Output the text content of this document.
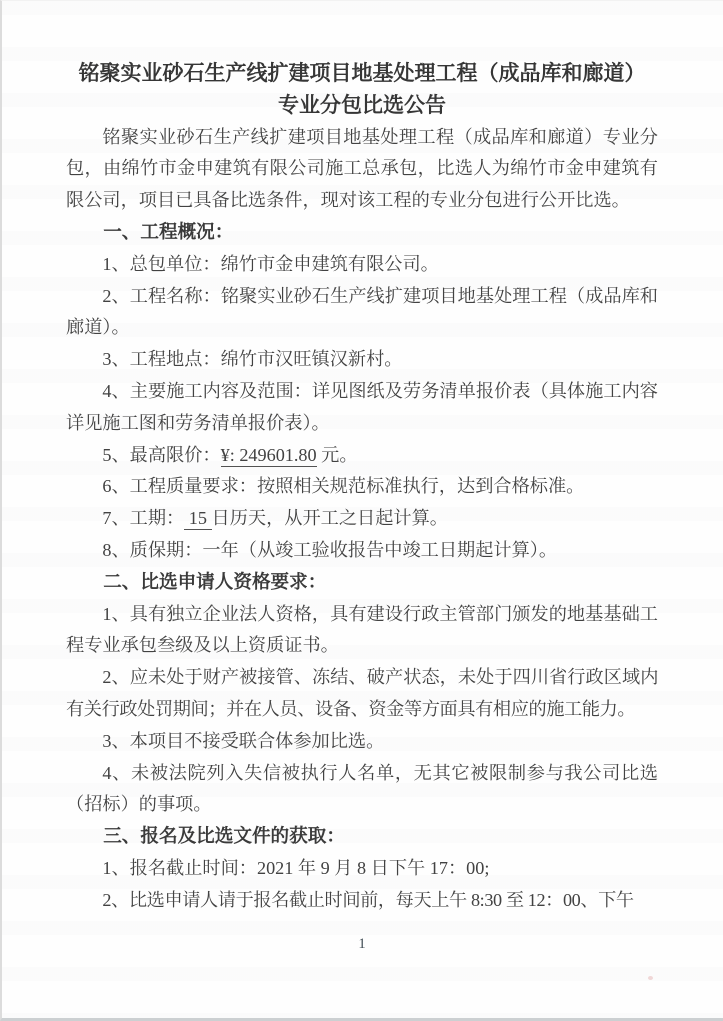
铭聚实业砂石生产线扩建项目地基处理工程（成品库和廊道）
专业分包比选公告

铭聚实业砂石生产线扩建项目地基处理工程（成品库和廊道）专业分包，由绵竹市金申建筑有限公司施工总承包，比选人为绵竹市金申建筑有限公司，项目已具备比选条件，现对该工程的专业分包进行公开比选。

一、工程概况：

1、总包单位：绵竹市金申建筑有限公司。

2、工程名称：铭聚实业砂石生产线扩建项目地基处理工程（成品库和廊道）。

3、工程地点：绵竹市汉旺镇汉新村。

4、主要施工内容及范围：详见图纸及劳务清单报价表（具体施工内容详见施工图和劳务清单报价表）。

5、最高限价：¥: 249601.80 元。

6、工程质量要求：按照相关规范标准执行，达到合格标准。

7、工期： 15 日历天，从开工之日起计算。

8、质保期：一年（从竣工验收报告中竣工日期起计算）。

二、比选申请人资格要求：

1、具有独立企业法人资格，具有建设行政主管部门颁发的地基基础工程专业承包叁级及以上资质证书。

2、应未处于财产被接管、冻结、破产状态，未处于四川省行政区域内有关行政处罚期间；并在人员、设备、资金等方面具有相应的施工能力。

3、本项目不接受联合体参加比选。

4、未被法院列入失信被执行人名单，无其它被限制参与我公司比选（招标）的事项。

三、报名及比选文件的获取：

1、报名截止时间：2021 年 9 月 8 日下午 17：00;

2、比选申请人请于报名截止时间前，每天上午 8:30 至 12：00、下午

1
